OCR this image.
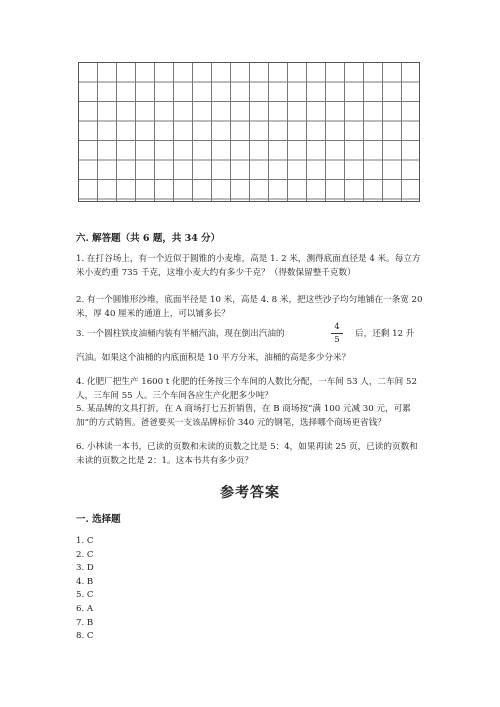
六. 解答题（共 6 题，共 34 分）
1. 在打谷场上，有一个近似于圆锥的小麦堆，高是 1. 2 米，测得底面直径是 4 米。每立方米小麦约重 735 千克，这堆小麦大约有多少千克？（得数保留整千克数）
2. 有一个圆锥形沙堆，底面半径是 10 米，高是 4. 8 米，把这些沙子均匀地铺在一条宽 20 米，厚 40 厘米的通道上，可以铺多长？
3. 一个圆柱铁皮油桶内装有半桶汽油，现在倒出汽油的
4
5
后，还剩 12 升
汽油。如果这个油桶的内底面积是 10 平方分米，油桶的高是多少分米？
4. 化肥厂把生产 1600 t 化肥的任务按三个车间的人数比分配，一车间 53 人，二车间 52 人，三车间 55 人。三个车间各应生产化肥多少吨？
5. 某品牌的文具打折，在 A 商场打七五折销售，在 B 商场按“满 100 元减 30 元，可累加”的方式销售。爸爸要买一支该品牌标价 340 元的钢笔，选择哪个商场更省钱？
6. 小林读一本书，已读的页数和未读的页数之比是 5：4，如果再读 25 页，已读的页数和未读的页数之比是 2：1。这本书共有多少页？
参考答案
一. 选择题
1. C
2. C
3. D
4. B
5. C
6. A
7. B
8. C
